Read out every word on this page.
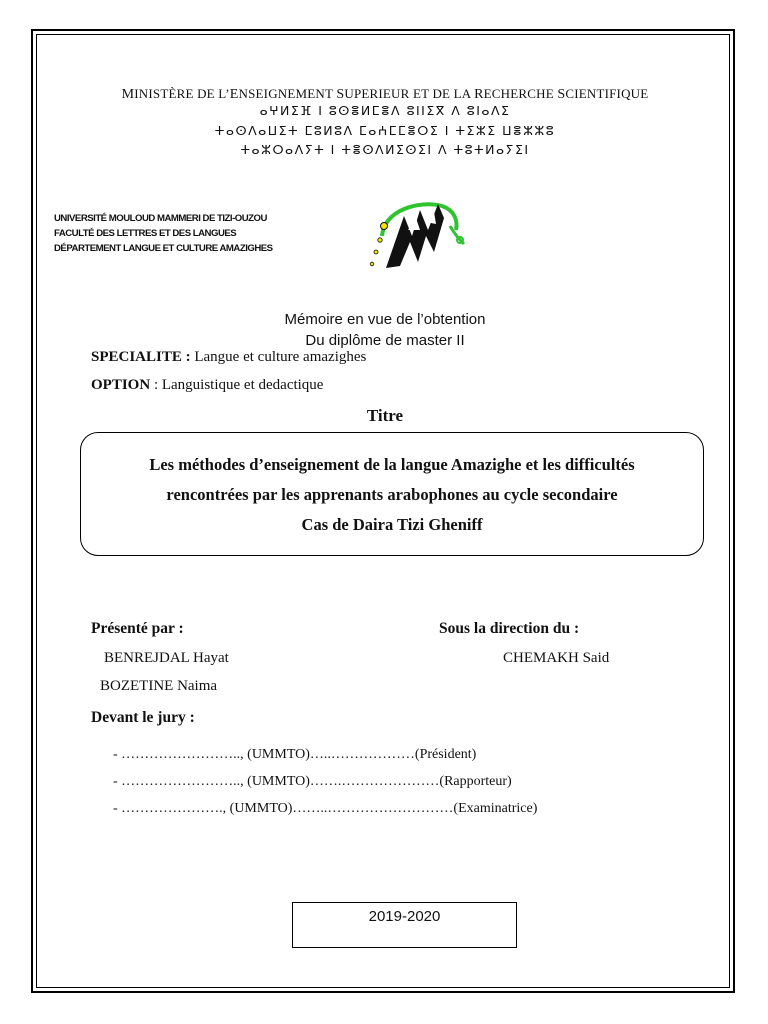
MINISTÈRE DE L’ENSEIGNEMENT SUPERIEUR ET DE LA RECHERCHE SCIENTIFIQUE
ⴰⵖⵍⵉⴼ ⵏ ⵓⵙⴻⵍⵎⴻⴷ ⵓⵏⵏⵉⴳ ⴷ ⵓⵏⴰⴷⵉ
ⵜⴰⵙⴷⴰⵡⵉⵜ ⵎⵓⵍⵓⴷ ⵎⴰⵄⵎⵎⴻⵔⵉ ⵏ ⵜⵉⵣⵉ ⵡⴻⵣⵣⵓ
ⵜⴰⵣⵔⴰⴷⵢⵜ ⵏ ⵜⴻⵙⴷⵍⵉⵙⵉⵏ ⴷ ⵜⵓⵜⵍⴰⵢⵉⵏ
UNIVERSITÉ MOULOUD MAMMERI DE TIZI-OUZOU
FACULTÉ DES LETTRES ET DES LANGUES
DÉPARTEMENT LANGUE ET CULTURE AMAZIGHES
Mémoire en vue de l’obtention
Du diplôme de master II
SPECIALITE : Langue et culture amazighes
OPTION : Languistique et dedactique
Titre
Les méthodes d’enseignement de la langue Amazighe et les difficultés
rencontrées par les apprenants arabophones au cycle secondaire
Cas de Daira Tizi Gheniff
Présenté par :
BENREJDAL Hayat
BOZETINE Naima
Sous la direction du :
CHEMAKH Said
Devant le jury :
- …………………….., (UMMTO)…..………………(Président)
- …………………….., (UMMTO)…….…………………(Rapporteur)
- …………………., (UMMTO)……..………………………(Examinatrice)
2019-2020
